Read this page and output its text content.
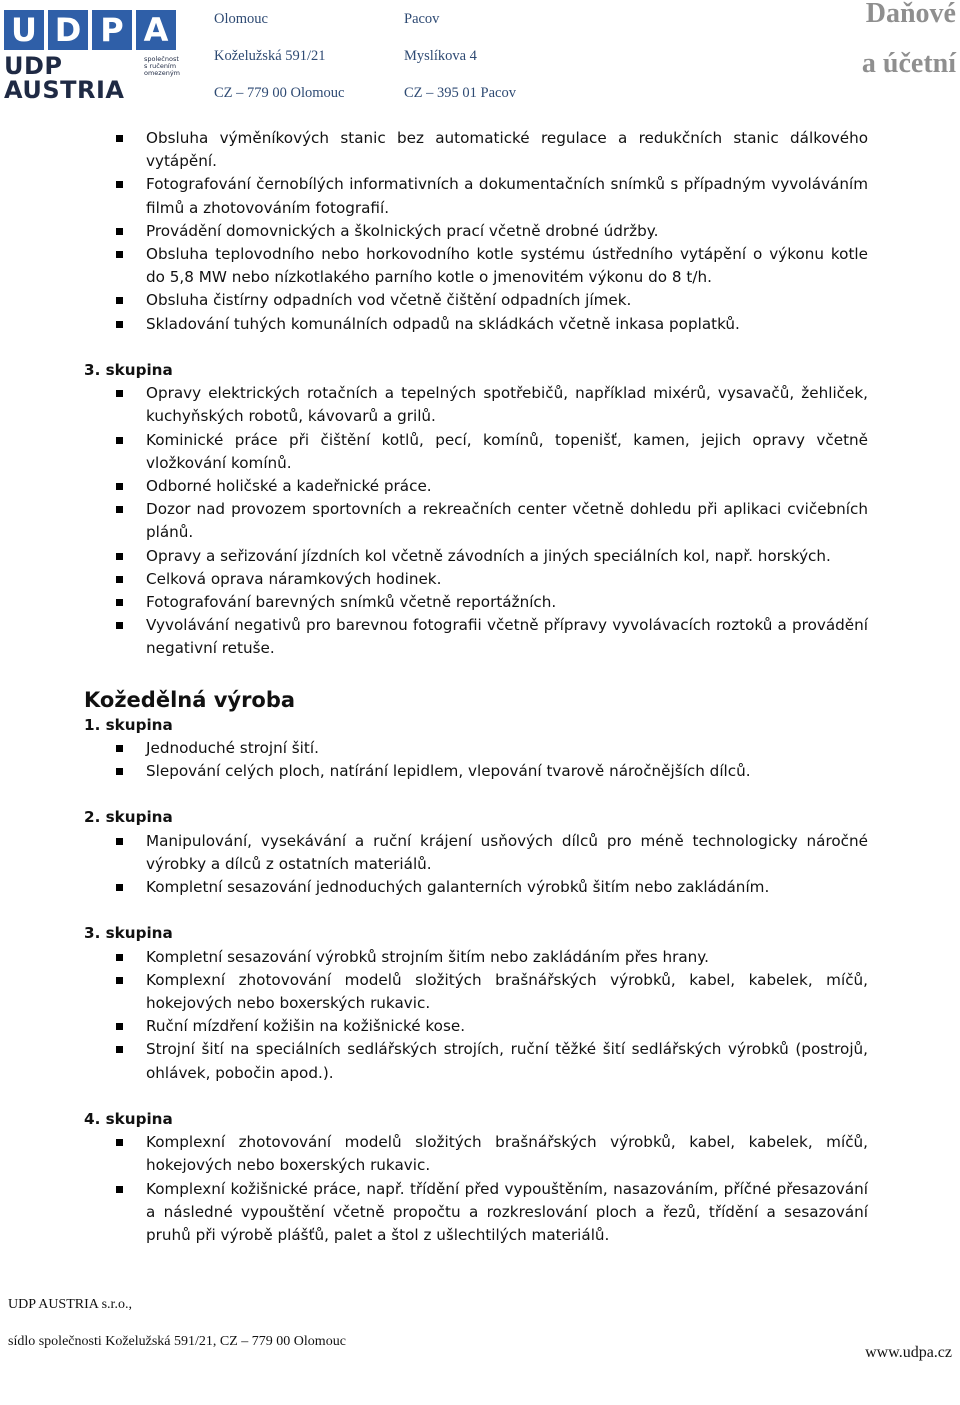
U D P A
UDP AUSTRIA
společnost s ručením omezeným
Olomouc
Koželužská 591/21
CZ – 779 00 Olomouc
Pacov
Myslíkova 4
CZ – 395 01 Pacov
Daňové
a účetní
Obsluha výměníkových stanic bez automatické regulace a redukčních stanic dálkového vytápění.
Fotografování černobílých informativních a dokumentačních snímků s případným vyvoláváním filmů a zhotovováním fotografií.
Provádění domovnických a školnických prací včetně drobné údržby.
Obsluha teplovodního nebo horkovodního kotle systému ústředního vytápění o výkonu kotle do 5,8 MW nebo nízkotlakého parního kotle o jmenovitém výkonu do 8 t/h.
Obsluha čistírny odpadních vod včetně čištění odpadních jímek.
Skladování tuhých komunálních odpadů na skládkách včetně inkasa poplatků.
3. skupina
Opravy elektrických rotačních a tepelných spotřebičů, například mixérů, vysavačů, žehliček, kuchyňských robotů, kávovarů a grilů.
Kominické práce při čištění kotlů, pecí, komínů, topenišť, kamen, jejich opravy včetně vložkování komínů.
Odborné holičské a kadeřnické práce.
Dozor nad provozem sportovních a rekreačních center včetně dohledu při aplikaci cvičebních plánů.
Opravy a seřizování jízdních kol včetně závodních a jiných speciálních kol, např. horských.
Celková oprava náramkových hodinek.
Fotografování barevných snímků včetně reportážních.
Vyvolávání negativů pro barevnou fotografii včetně přípravy vyvolávacích roztoků a provádění negativní retuše.
Kožedělná výroba
1. skupina
Jednoduché strojní šití.
Slepování celých ploch, natírání lepidlem, vlepování tvarově náročnějších dílců.
2. skupina
Manipulování, vysekávání a ruční krájení usňových dílců pro méně technologicky náročné výrobky a dílců z ostatních materiálů.
Kompletní sesazování jednoduchých galanterních výrobků šitím nebo zakládáním.
3. skupina
Kompletní sesazování výrobků strojním šitím nebo zakládáním přes hrany.
Komplexní zhotovování modelů složitých brašnářských výrobků, kabel, kabelek, míčů, hokejových nebo boxerských rukavic.
Ruční mízdření kožišin na kožišnické kose.
Strojní šití na speciálních sedlářských strojích, ruční těžké šití sedlářských výrobků (postrojů, ohlávek, pobočin apod.).
4. skupina
Komplexní zhotovování modelů složitých brašnářských výrobků, kabel, kabelek, míčů, hokejových nebo boxerských rukavic.
Komplexní kožišnické práce, např. třídění před vypouštěním, nasazováním, příčné přesazování a následné vypouštění včetně propočtu a rozkreslování ploch a řezů, třídění a sesazování pruhů při výrobě plášťů, palet a štol z ušlechtilých materiálů.
UDP AUSTRIA s.r.o.,
sídlo společnosti Koželužská 591/21, CZ – 779 00 Olomouc
www.udpa.cz
